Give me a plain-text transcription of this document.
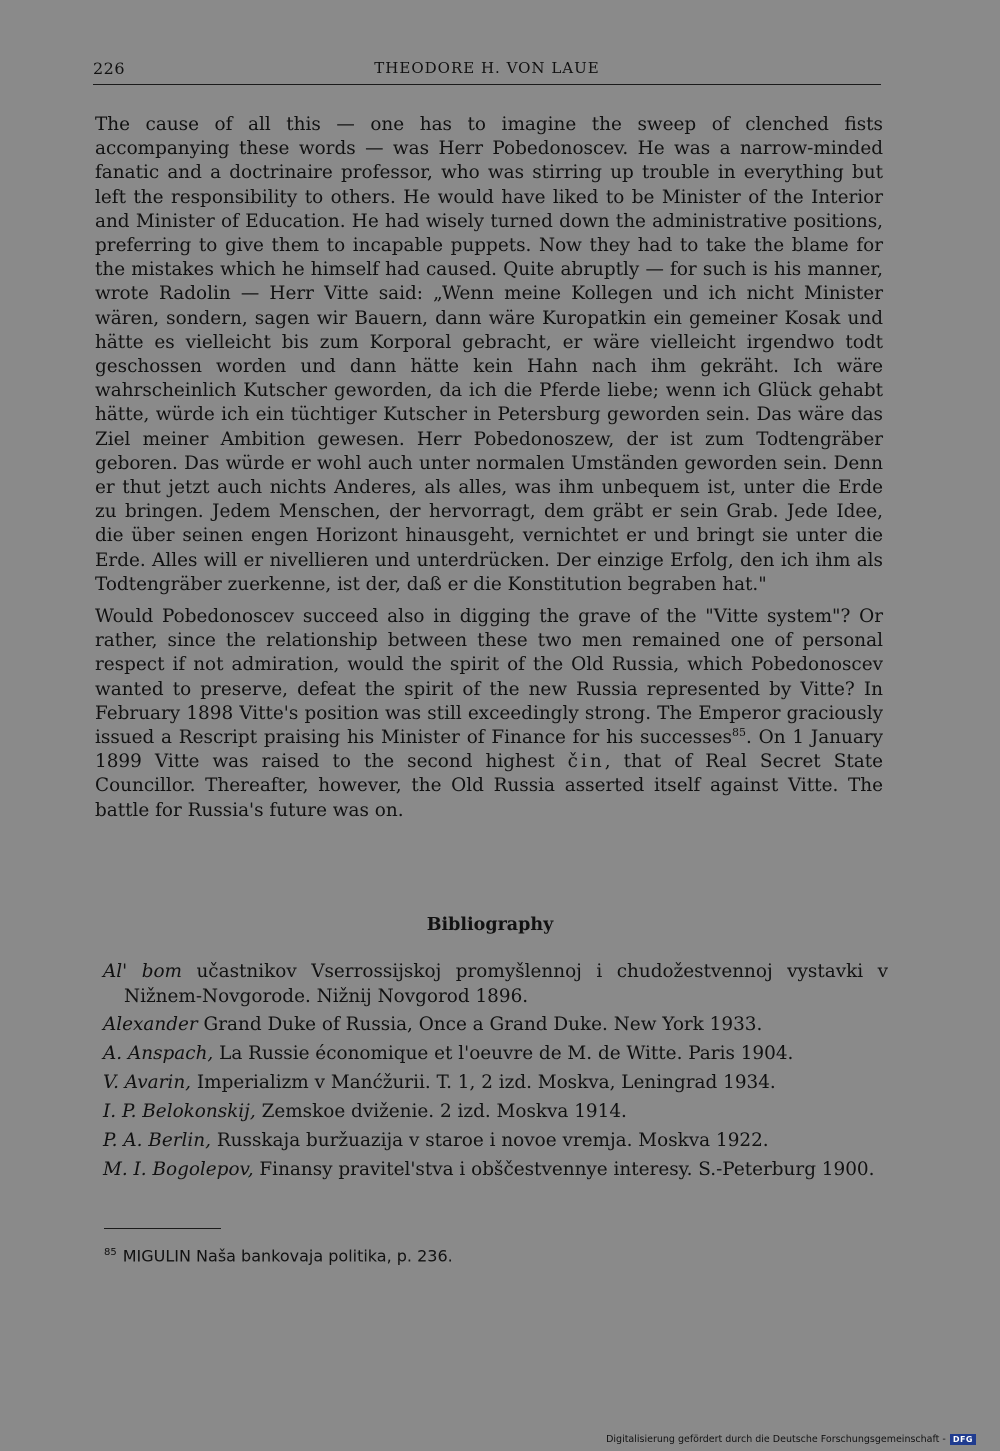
226	THEODORE H. VON LAUE

The cause of all this — one has to imagine the sweep of clenched fists accompanying these words — was Herr Pobedonoscev. He was a narrow-minded fanatic and a doctrinaire professor, who was stirring up trouble in everything but left the responsibility to others. He would have liked to be Minister of the Interior and Minister of Education. He had wisely turned down the administrative positions, preferring to give them to incapable puppets. Now they had to take the blame for the mistakes which he himself had caused. Quite abruptly — for such is his manner, wrote Radolin — Herr Vitte said: „Wenn meine Kollegen und ich nicht Minister wären, sondern, sagen wir Bauern, dann wäre Kuropatkin ein gemeiner Kosak und hätte es vielleicht bis zum Korporal gebracht, er wäre vielleicht irgendwo todt geschossen worden und dann hätte kein Hahn nach ihm gekräht. Ich wäre wahrscheinlich Kutscher geworden, da ich die Pferde liebe; wenn ich Glück gehabt hätte, würde ich ein tüchtiger Kutscher in Petersburg geworden sein. Das wäre das Ziel meiner Ambition gewesen. Herr Pobedonoszew, der ist zum Todtengräber geboren. Das würde er wohl auch unter normalen Umständen geworden sein. Denn er thut jetzt auch nichts Anderes, als alles, was ihm unbequem ist, unter die Erde zu bringen. Jedem Menschen, der hervorragt, dem gräbt er sein Grab. Jede Idee, die über seinen engen Horizont hinausgeht, vernichtet er und bringt sie unter die Erde. Alles will er nivellieren und unterdrücken. Der einzige Erfolg, den ich ihm als Todtengräber zuerkenne, ist der, daß er die Konstitution begraben hat."

Would Pobedonoscev succeed also in digging the grave of the "Vitte system"? Or rather, since the relationship between these two men remained one of personal respect if not admiration, would the spirit of the Old Russia, which Pobedonoscev wanted to preserve, defeat the spirit of the new Russia represented by Vitte? In February 1898 Vitte's position was still exceedingly strong. The Emperor graciously issued a Rescript praising his Minister of Finance for his successes$^{85}$. On 1 January 1899 Vitte was raised to the second highest čin, that of Real Secret State Councillor. Thereafter, however, the Old Russia asserted itself against Vitte. The battle for Russia's future was on.

Bibliography

Al' bom učastnikov Vserrossijskoj promyšlennoj i chudožestvennoj vystavki v Nižnem-Novgorode. Nižnij Novgorod 1896.

Alexander Grand Duke of Russia, Once a Grand Duke. New York 1933.

A. Anspach, La Russie économique et l'oeuvre de M. de Witte. Paris 1904.

V. Avarin, Imperializm v Manćžurii. T. 1, 2 izd. Moskva, Leningrad 1934.

I. P. Belokonskij, Zemskoe dviženie. 2 izd. Moskva 1914.

P. A. Berlin, Russkaja buržuazija v staroe i novoe vremja. Moskva 1922.

M. I. Bogolepov, Finansy pravitel'stva i obščestvennye interesy. S.-Peterburg 1900.

$^{85}$ MIGULIN Naša bankovaja politika, p. 236.
Digitalisierung gefördert durch die Deutsche Forschungsgemeinschaft - DFG
